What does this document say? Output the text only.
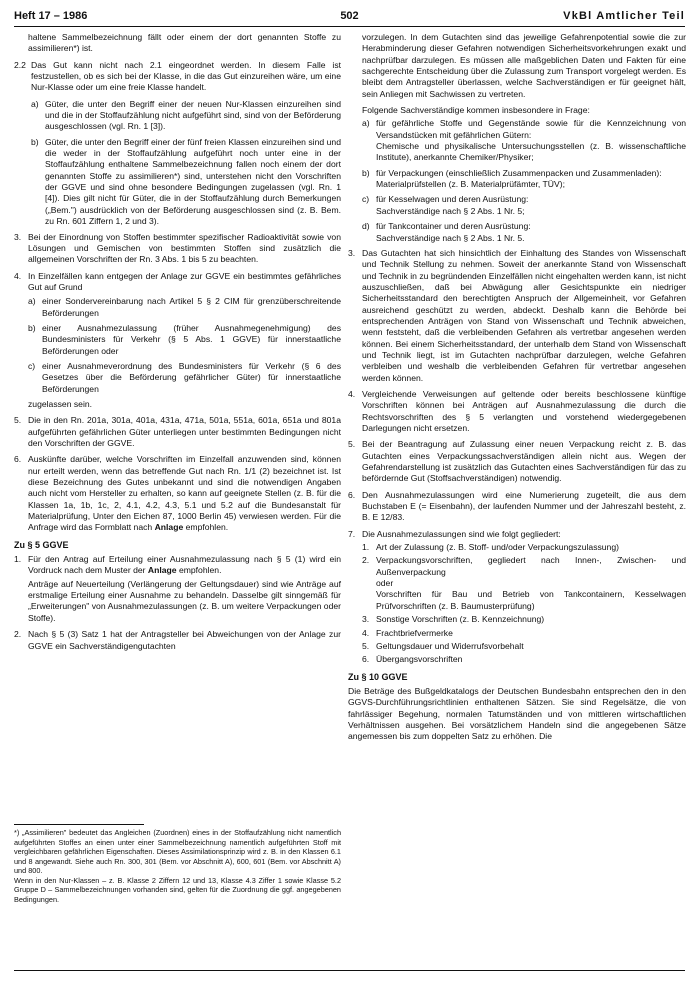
Heft 17 – 1986	502	VkBl Amtlicher Teil

haltene Sammelbezeichnung fällt oder einem der dort genannten Stoffe zu assimilieren*) ist.

2.2 Das Gut kann nicht nach 2.1 eingeordnet werden. In diesem Falle ist festzustellen, ob es sich bei der Klasse, in die das Gut einzureihen wäre, um eine Nur-Klasse oder um eine freie Klasse handelt.

a) Güter, die unter den Begriff einer der neuen Nur-Klassen einzureihen sind und die in der Stoffaufzählung nicht aufgeführt sind, sind von der Beförderung ausgeschlossen (vgl. Rn. 1 [3]).

b) Güter, die unter den Begriff einer der fünf freien Klassen einzureihen sind und die weder in der Stoffaufzählung aufgeführt noch unter eine in der Stoffaufzählung enthaltene Sammelbezeichnung fallen noch einem der dort genannten Stoffe zu assimilieren*) sind, unterstehen nicht den Vorschriften der GGVE und sind ohne besondere Bedingungen zugelassen (vgl. Rn. 1 [4]). Dies gilt nicht für Güter, die in der Stoffaufzählung durch Bemerkungen („Bem.") ausdrücklich von der Beförderung ausgeschlossen sind (z. B. Bem. zu Rn. 601 Ziffern 1, 2 und 3).

3. Bei der Einordnung von Stoffen bestimmter spezifischer Radioaktivität sowie von Lösungen und Gemischen von bestimmten Stoffen sind zusätzlich die allgemeinen Vorschriften der Rn. 3 Abs. 1 bis 5 zu beachten.

4. In Einzelfällen kann entgegen der Anlage zur GGVE ein bestimmtes gefährliches Gut auf Grund

a) einer Sondervereinbarung nach Artikel 5 § 2 CIM für grenzüberschreitende Beförderungen

b) einer Ausnahmezulassung (früher Ausnahmegenehmigung) des Bundesministers für Verkehr (§ 5 Abs. 1 GGVE) für innerstaatliche Beförderungen oder

c) einer Ausnahmeverordnung des Bundesministers für Verkehr (§ 6 des Gesetzes über die Beförderung gefährlicher Güter) für innerstaatliche Beförderungen

zugelassen sein.

5. Die in den Rn. 201a, 301a, 401a, 431a, 471a, 501a, 551a, 601a, 651a und 801a aufgeführten gefährlichen Güter unterliegen unter bestimmten Bedingungen nicht den Vorschriften der GGVE.

6. Auskünfte darüber, welche Vorschriften im Einzelfall anzuwenden sind, können nur erteilt werden, wenn das betreffende Gut nach Rn. 1/1 (2) bezeichnet ist. Ist diese Bezeichnung des Gutes unbekannt und sind die notwendigen Angaben auch nicht vom Hersteller zu erhalten, so kann auf geeignete Stellen (z. B. für die Klassen 1a, 1b, 1c, 2, 4.1, 4.2, 4.3, 5.1 und 5.2 auf die Bundesanstalt für Materialprüfung, Unter den Eichen 87, 1000 Berlin 45) verwiesen werden. Für die Anfrage wird das Formblatt nach Anlage empfohlen.

Zu § 5 GGVE
1. Für den Antrag auf Erteilung einer Ausnahmezulassung nach § 5 (1) wird ein Vordruck nach dem Muster der Anlage empfohlen.

Anträge auf Neuerteilung (Verlängerung der Geltungsdauer) sind wie Anträge auf erstmalige Erteilung einer Ausnahme zu behandeln. Dasselbe gilt sinngemäß für „Erweiterungen" von Ausnahmezulassungen (z. B. um weitere Verpackungen oder Stoffe).

2. Nach § 5 (3) Satz 1 hat der Antragsteller bei Abweichungen von der Anlage zur GGVE ein Sachverständigengutachten

*) „Assimilieren" bedeutet das Angleichen (Zuordnen) eines in der Stoffaufzählung nicht namentlich aufgeführten Stoffes an einen unter einer Sammelbezeichnung namentlich aufgeführten Stoff mit vergleichbaren gefährlichen Eigenschaften. Dieses Assimilationsprinzip wird z. B. in den Klassen 6.1 und 8 angewandt. Siehe auch Rn. 300, 301 (Bem. vor Abschnitt A), 600, 601 (Bem. vor Abschnitt A) und 800.

Wenn in den Nur-Klassen – z. B. Klasse 2 Ziffern 12 und 13, Klasse 4.3 Ziffer 1 sowie Klasse 5.2 Gruppe D – Sammelbezeichnungen vorhanden sind, gelten für die Zuordnung die ggf. angegebenen Bedingungen.

vorzulegen. In dem Gutachten sind das jeweilige Gefahrenpotential sowie die zur Herabminderung dieser Gefahren notwendigen Sicherheitsvorkehrungen exakt und nachprüfbar darzulegen. Es müssen alle maßgeblichen Daten und Fakten für eine sachgerechte Entscheidung über die Zulassung zum Transport vorgelegt werden. Es bleibt dem Antragsteller überlassen, welche Sachverständigen er für geeignet hält, sein Anliegen mit Sachwissen zu vertreten.

Folgende Sachverständige kommen insbesondere in Frage:

a) für gefährliche Stoffe und Gegenstände sowie für die Kennzeichnung von Versandstücken mit gefährlichen Gütern:

Chemische und physikalische Untersuchungsstellen (z. B. wissenschaftliche Institute), anerkannte Chemiker/Physiker;

b) für Verpackungen (einschließlich Zusammenpacken und Zusammenladen):

Materialprüfstellen (z. B. Materialprüfämter, TÜV);

c) für Kesselwagen und deren Ausrüstung:

Sachverständige nach § 2 Abs. 1 Nr. 5;

d) für Tankcontainer und deren Ausrüstung:

Sachverständige nach § 2 Abs. 1 Nr. 5.

3. Das Gutachten hat sich hinsichtlich der Einhaltung des Standes von Wissenschaft und Technik Stellung zu nehmen. Soweit der anerkannte Stand von Wissenschaft und Technik in zu begründenden Einzelfällen nicht eingehalten werden kann, ist nicht auszuschließen, daß bei Abwägung aller Gesichtspunkte ein niedriger Sicherheitsstandard den berechtigten Anspruch der Allgemeinheit, vor Gefahren ausreichend geschützt zu werden, abdeckt. Deshalb kann die Behörde bei entsprechenden Anträgen von Stand von Wissenschaft und Technik abweichen, wenn feststeht, daß die verbleibenden Gefahren als vertretbar angesehen werden können. Bei einem Sicherheitsstandard, der unterhalb dem Stand von Wissenschaft und Technik liegt, ist im Gutachten nachprüfbar darzulegen, welche Gefahren verbleiben und weshalb die verbleibenden Gefahren für vertretbar angesehen werden können.

4. Vergleichende Verweisungen auf geltende oder bereits beschlossene künftige Vorschriften können bei Anträgen auf Ausnahmezulassung die durch die Rechtsvorschriften des § 5 verlangten und vorstehend wiedergegebenen Darlegungen nicht ersetzen.

5. Bei der Beantragung auf Zulassung einer neuen Verpackung reicht z. B. das Gutachten eines Verpackungssachverständigen allein nicht aus. Wegen der Gefahrendarstellung ist zusätzlich das Gutachten eines Sachverständigen für das zu befördernde Gut (Stoffsachverständigen) notwendig.

6. Den Ausnahmezulassungen wird eine Numerierung zugeteilt, die aus dem Buchstaben E (= Eisenbahn), der laufenden Nummer und der Jahreszahl besteht, z. B. E 12/83.

7. Die Ausnahmezulassungen sind wie folgt gegliedert:

1. Art der Zulassung (z. B. Stoff- und/oder Verpackungszulassung)

2. Verpackungsvorschriften, gegliedert nach Innen-, Zwischen- und Außenverpackung

oder

Vorschriften für Bau und Betrieb von Tankcontainern, Kesselwagen Prüfvorschriften (z. B. Baumusterprüfung)

3. Sonstige Vorschriften (z. B. Kennzeichnung)

4. Frachtbriefvermerke

5. Geltungsdauer und Widerrufsvorbehalt

6. Übergangsvorschriften

Zu § 10 GGVE

Die Beträge des Bußgeldkatalogs der Deutschen Bundesbahn entsprechen den in den GGVS-Durchführungsrichtlinien enthaltenen Sätzen. Sie sind Regelsätze, die von fahrlässiger Begehung, normalen Tatumständen und von mittleren wirtschaftlichen Verhältnissen ausgehen. Bei vorsätzlichem Handeln sind die angegebenen Sätze angemessen bis zum doppelten Satz zu erhöhen. Die
